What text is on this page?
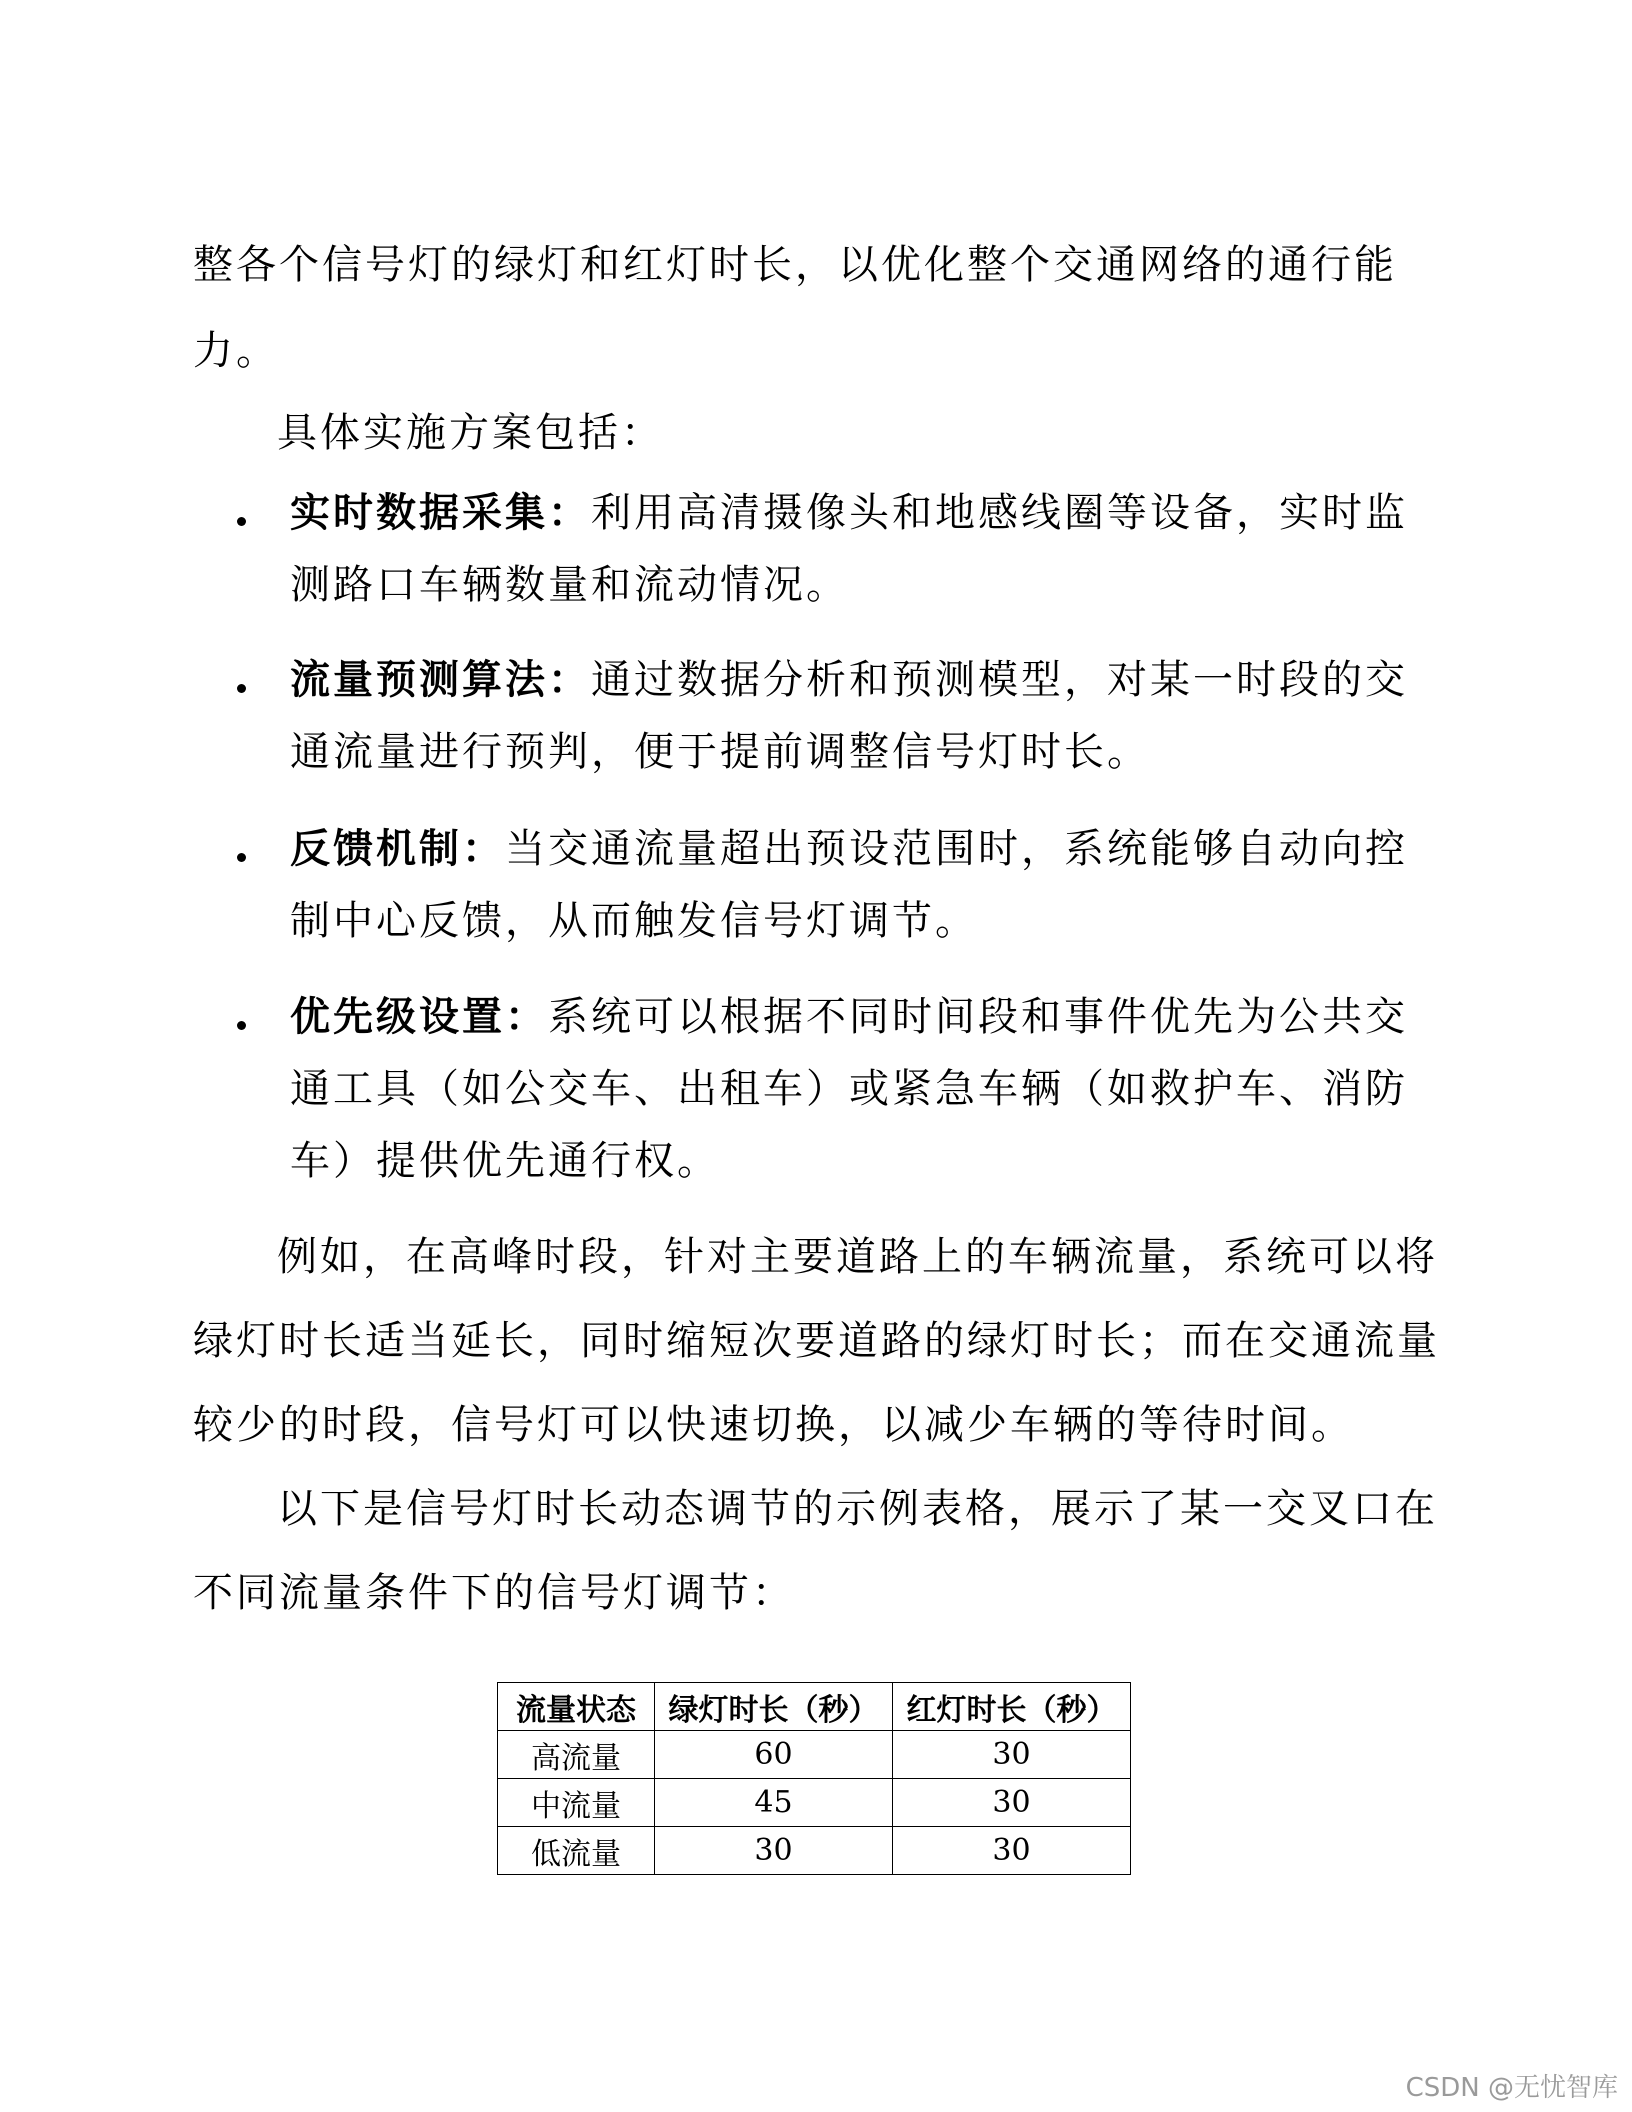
整各个信号灯的绿灯和红灯时长，以优化整个交通网络的通行能
力。
具体实施方案包括：
实时数据采集：利用高清摄像头和地感线圈等设备，实时监
测路口车辆数量和流动情况。
流量预测算法：通过数据分析和预测模型，对某一时段的交
通流量进行预判，便于提前调整信号灯时长。
反馈机制：当交通流量超出预设范围时，系统能够自动向控
制中心反馈，从而触发信号灯调节。
优先级设置：系统可以根据不同时间段和事件优先为公共交
通工具（如公交车、出租车）或紧急车辆（如救护车、消防
车）提供优先通行权。
例如，在高峰时段，针对主要道路上的车辆流量，系统可以将
绿灯时长适当延长，同时缩短次要道路的绿灯时长；而在交通流量
较少的时段，信号灯可以快速切换，以减少车辆的等待时间。
以下是信号灯时长动态调节的示例表格，展示了某一交叉口在
不同流量条件下的信号灯调节：
流量状态	绿灯时长（秒）	红灯时长（秒）
高流量	60	30
中流量	45	30
低流量	30	30
CSDN @无忧智库
